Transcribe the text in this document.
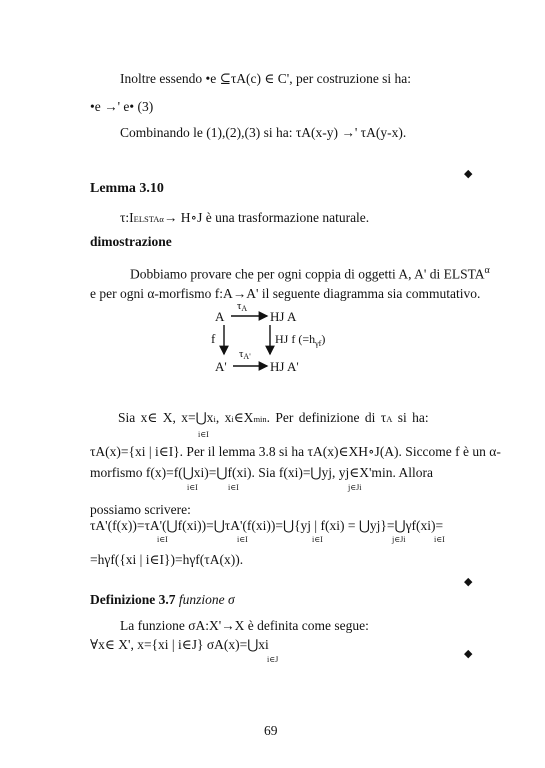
Inoltre essendo •e ⊆τA(c) ∈ C', per costruzione si ha:
•e →' e• (3)
Combinando le (1),(2),(3) si ha: τA(x-y) →' τA(y-x).
◆
Lemma 3.10
τ:IELSTAα→ H∘J è una trasformazione naturale.
dimostrazione
Dobbiamo provare che per ogni coppia di oggetti A, A' di $ELSTA^\alpha$
e per ogni α-morfismo f:A→A' il seguente diagramma sia commutativo.
A
τA
HJ A
f	HJ f $(=h_{\gamma f})$
A'
τA'
HJ A'
Sia x∈ X, x=⋃xi, xi∈Xmin. Per definizione di τA si ha:
i∈I
τA(x)={xi | i∈I}. Per il lemma 3.8 si ha τA(x)∈XH∘J(A). Siccome f è un α-
morfismo f(x)=f(⋃xi)=⋃f(xi). Sia f(xi)=⋃yj, yj∈X'min. Allora
i∈I	i∈I	j∈Ji
possiamo scrivere:
τA'(f(x))=τA'(⋃f(xi))=⋃τA'(f(xi))=⋃{yj | f(xi) = ⋃yj}=⋃γf(xi)=
i∈I	i∈I	i∈I	j∈Ji	i∈I
=hγf({xi | i∈I})=hγf(τA(x)).
◆
Definizione 3.7 funzione σ
La funzione σA:X'→X è definita come segue:
∀x∈ X', x={xi | i∈J} σA(x)=⋃xi
i∈J	◆
69
